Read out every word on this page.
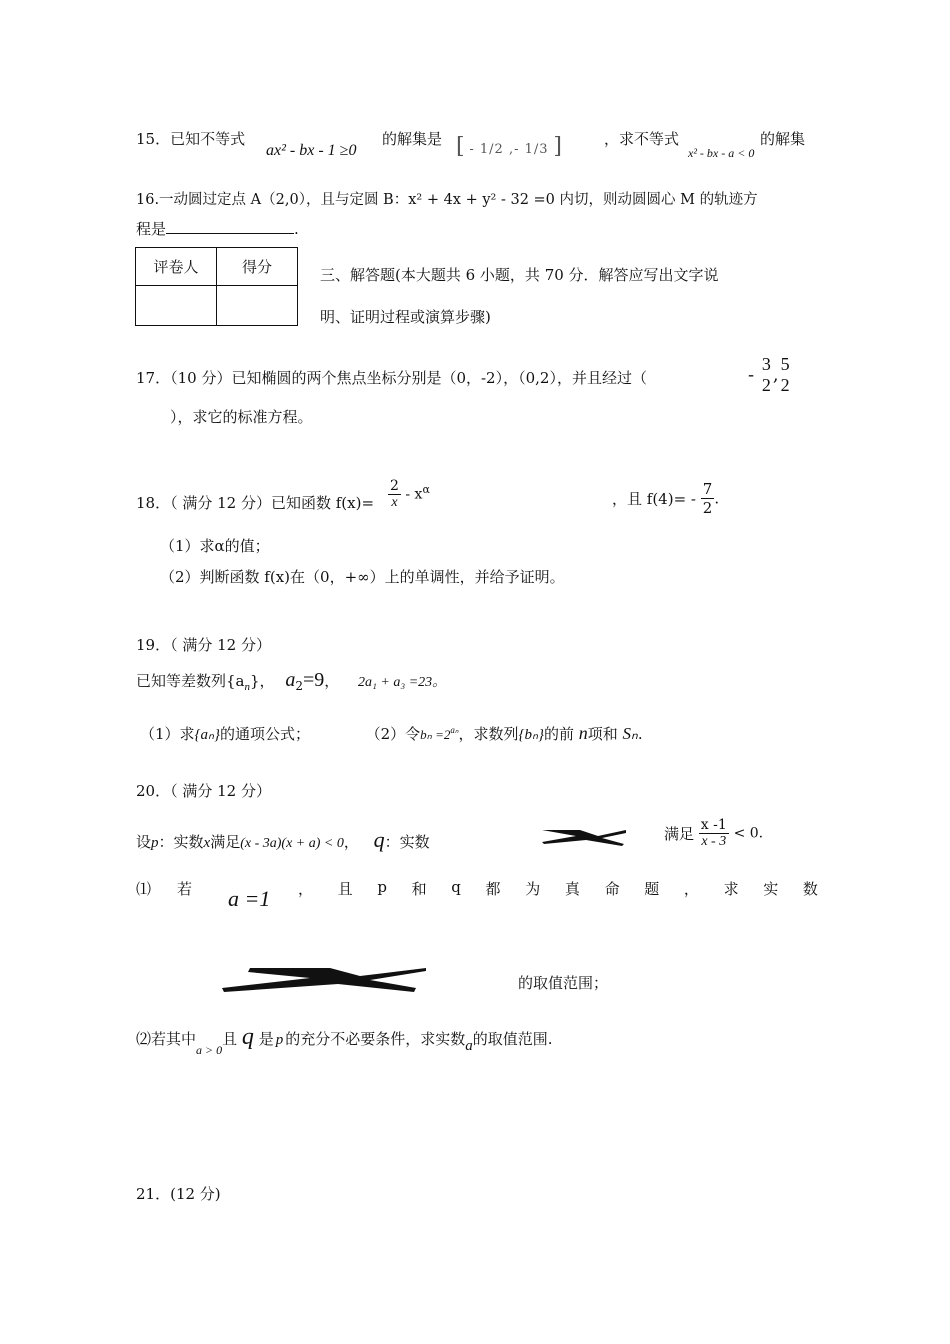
15．已知不等式
ax² - bx - 1 ≥0
的解集是 [ - 1/2 ,- 1/3 ]	，求不等式
x² - bx - a < 0
的解集
16.一动圆过定点 A（2,0），且与定圆 B：x² + 4x + y² - 32 =0 内切，则动圆圆心 M 的轨迹方
程是	.
评卷人	得分
		三、解答题(本大题共 6 小题，共 70 分．解答应写出文字说
明、证明过程或演算步骤)
17．（10 分）已知椭圆的两个焦点坐标分别是（0，-2），（0,2），并且经过（	-
3
2 ,
5
2
），求它的标准方程。
18．（ 满分 12 分）已知函数 $f(x)= \frac{2}{x} - x^\alpha$
，且 $f(4)= - \frac{7}{2}$ .
（1）求α的值；
（2）判断函数 f(x)在（0，+∞）上的单调性，并给予证明。
19．（ 满分 12 分）
已知等差数列$\{a_n\}$， $a_2=9$， 2a₁ + a₃ =23。
（1）求{aₙ}的通项公式；	（2）令$b_n =2^{a_n}$，求数列{bₙ}的前 n项和 Sₙ.
20．（ 满分 12 分）
设p：实数x满足(x - 3a)(x + a) < 0， q：实数	满足 $\frac{x -1}{x - 3} < 0$.
⑴ 若 a =1 ， 且 p 和 q 都 为 真 命 题 ， 求 实 数
的取值范围；
⑵若其中$_{a > 0}$且 q 是 p 的充分不必要条件，求实数a的取值范围.
21．(12 分)
